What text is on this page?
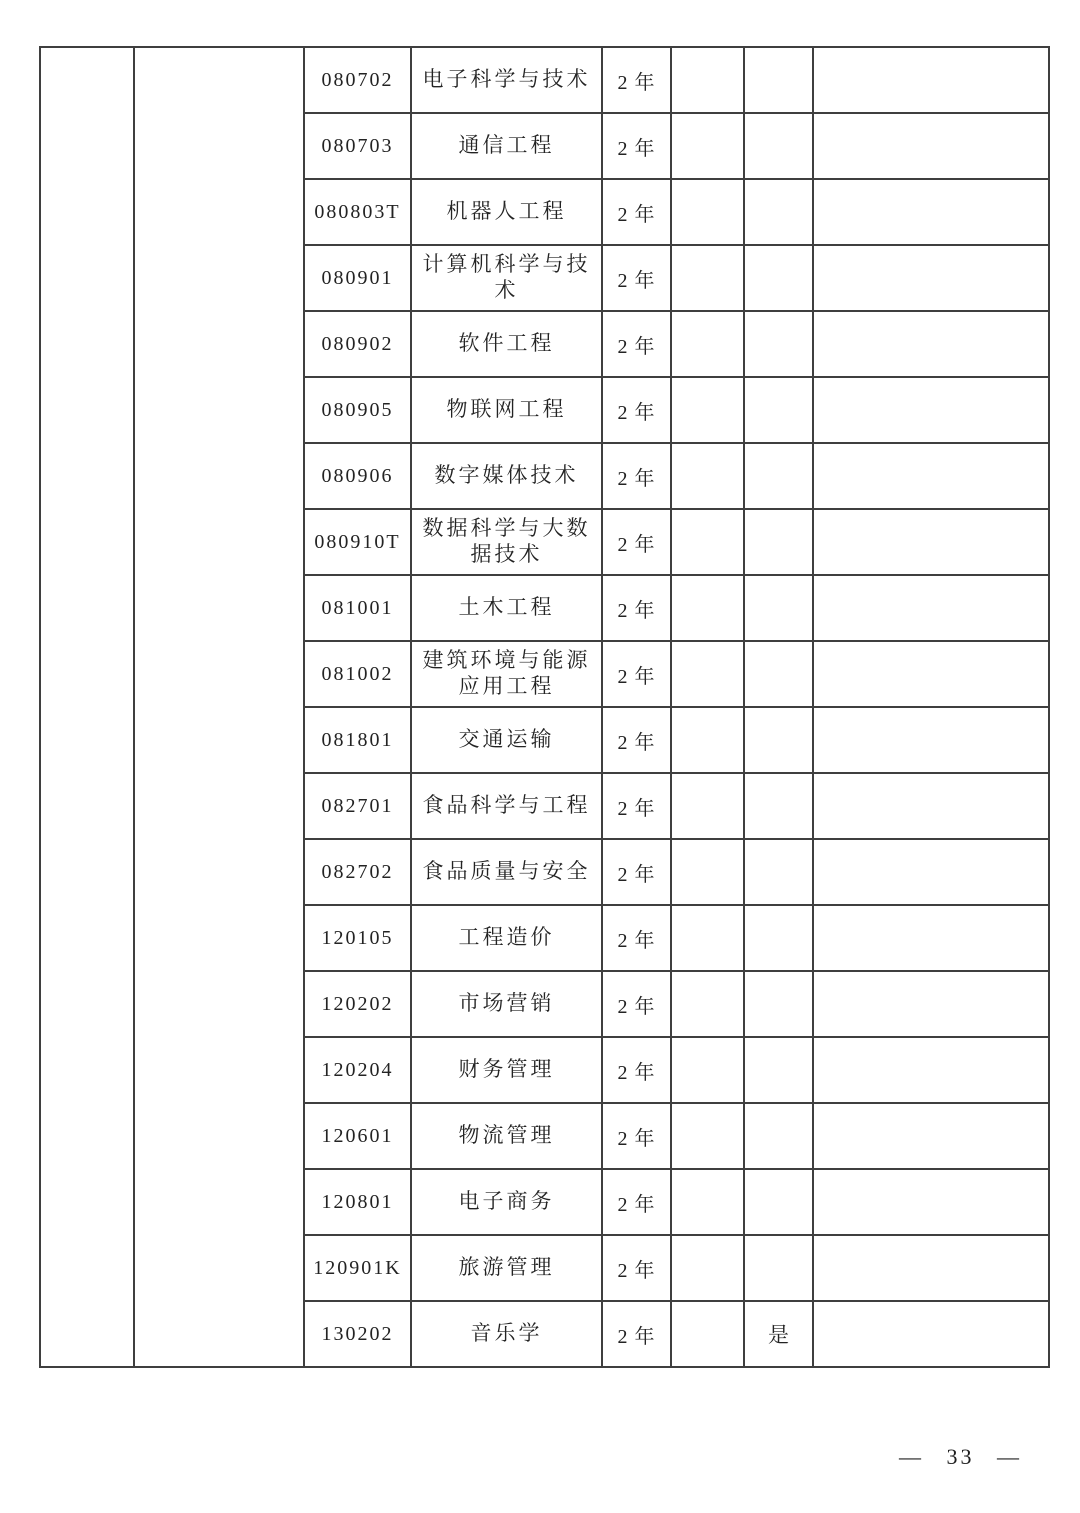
		080702	电子科学与技术	2 年			
		080703	通信工程	2 年			
		080803T	机器人工程	2 年			
		080901	计算机科学与技术	2 年			
		080902	软件工程	2 年			
		080905	物联网工程	2 年			
		080906	数字媒体技术	2 年			
		080910T	数据科学与大数据技术	2 年			
		081001	土木工程	2 年			
		081002	建筑环境与能源应用工程	2 年			
		081801	交通运输	2 年			
		082701	食品科学与工程	2 年			
		082702	食品质量与安全	2 年			
		120105	工程造价	2 年			
		120202	市场营销	2 年			
		120204	财务管理	2 年			
		120601	物流管理	2 年			
		120801	电子商务	2 年			
		120901K	旅游管理	2 年			
		130202	音乐学	2 年		是	
— 33 —
